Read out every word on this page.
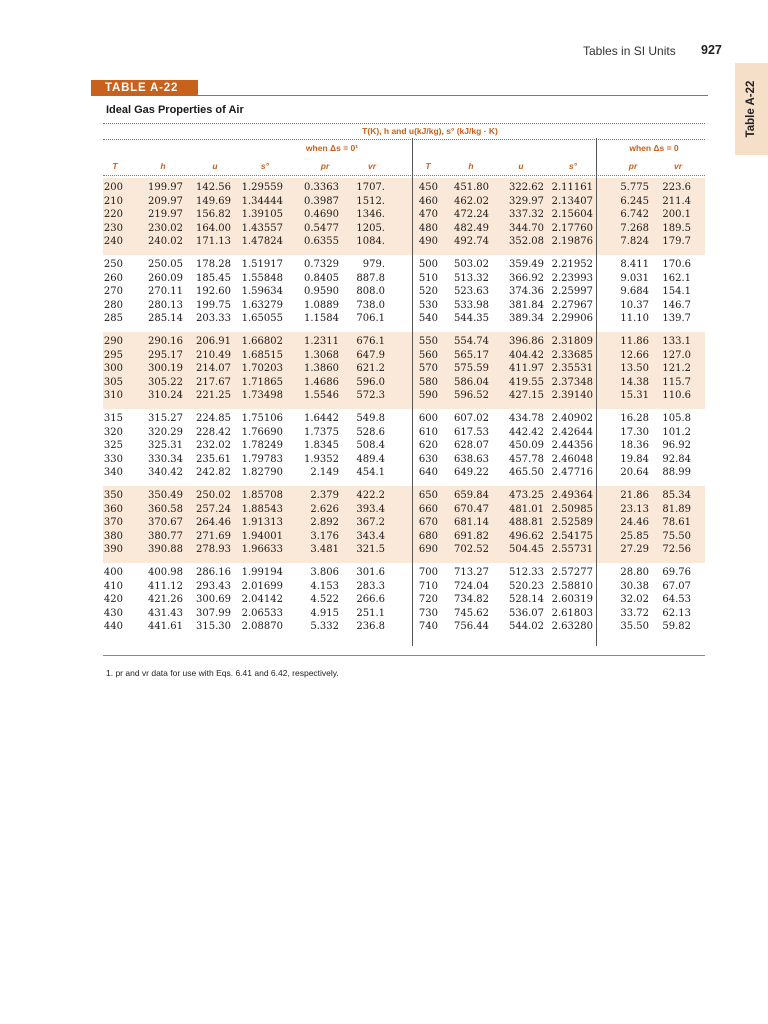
Tables in SI Units 927
Table A-22
TABLE A-22
Ideal Gas Properties of Air
T(K), h and u(kJ/kg), s° (kJ/kg · K)
when Δs = 0¹	when Δs = 0
T	h	u	s°	pr	vr	T	h	u	s°	pr	vr
200	199.97 142.56 1.29559 0.3363 1707.	450 451.80 322.62 2.11161	5.775 223.6
210	209.97 149.69 1.34444 0.3987 1512.	460 462.02 329.97 2.13407	6.245 211.4
220	219.97 156.82 1.39105 0.4690 1346.	470 472.24 337.32 2.15604	6.742 200.1
230	230.02 164.00 1.43557 0.5477 1205.	480 482.49 344.70 2.17760	7.268 189.5
240	240.02 171.13 1.47824 0.6355 1084.	490 492.74 352.08 2.19876	7.824 179.7
250	250.05 178.28 1.51917 0.7329 979.	500 503.02 359.49 2.21952	8.411 170.6
260	260.09 185.45 1.55848 0.8405 887.8	510 513.32 366.92 2.23993	9.031 162.1
270	270.11 192.60 1.59634 0.9590 808.0	520 523.63 374.36 2.25997	9.684 154.1
280	280.13 199.75 1.63279 1.0889 738.0	530 533.98 381.84 2.27967	10.37 146.7
285	285.14 203.33 1.65055 1.1584 706.1	540 544.35 389.34 2.29906	11.10 139.7
290	290.16 206.91 1.66802 1.2311 676.1	550 554.74 396.86 2.31809	11.86 133.1
295	295.17 210.49 1.68515 1.3068 647.9	560 565.17 404.42 2.33685	12.66 127.0
300	300.19 214.07 1.70203 1.3860 621.2	570 575.59 411.97 2.35531	13.50 121.2
305	305.22 217.67 1.71865 1.4686 596.0	580 586.04 419.55 2.37348	14.38 115.7
310	310.24 221.25 1.73498 1.5546 572.3	590 596.52 427.15 2.39140	15.31 110.6
315	315.27 224.85 1.75106 1.6442 549.8	600 607.02 434.78 2.40902	16.28 105.8
320	320.29 228.42 1.76690 1.7375 528.6	610 617.53 442.42 2.42644	17.30 101.2
325	325.31 232.02 1.78249 1.8345 508.4	620 628.07 450.09 2.44356	18.36 96.92
330	330.34 235.61 1.79783 1.9352 489.4	630 638.63 457.78 2.46048	19.84 92.84
340	340.42 242.82 1.82790	2.149 454.1	640 649.22 465.50 2.47716	20.64 88.99
350	350.49 250.02 1.85708	2.379 422.2	650 659.84 473.25 2.49364	21.86 85.34
360	360.58 257.24 1.88543	2.626 393.4	660 670.47 481.01 2.50985	23.13 81.89
370	370.67 264.46 1.91313	2.892 367.2	670 681.14 488.81 2.52589	24.46 78.61
380	380.77 271.69 1.94001	3.176 343.4	680 691.82 496.62 2.54175	25.85 75.50
390	390.88 278.93 1.96633	3.481 321.5	690 702.52 504.45 2.55731	27.29 72.56
400	400.98 286.16 1.99194	3.806 301.6	700 713.27 512.33 2.57277	28.80 69.76
410	411.12 293.43 2.01699	4.153 283.3	710 724.04 520.23 2.58810	30.38 67.07
420	421.26 300.69 2.04142	4.522 266.6	720 734.82 528.14 2.60319	32.02 64.53
430	431.43 307.99 2.06533	4.915 251.1	730 745.62 536.07 2.61803	33.72 62.13
440	441.61 315.30 2.08870	5.332 236.8	740 756.44 544.02 2.63280	35.50 59.82
1. pr and vr data for use with Eqs. 6.41 and 6.42, respectively.
